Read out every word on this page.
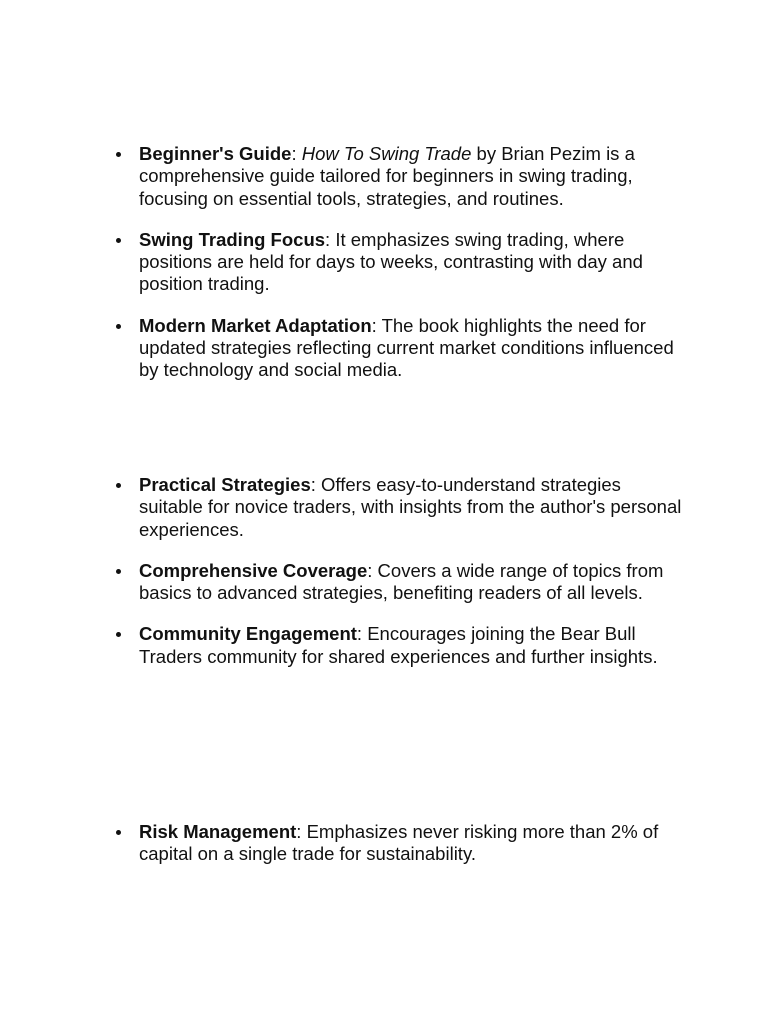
Beginner's Guide: How To Swing Trade by Brian Pezim is a comprehensive guide tailored for beginners in swing trading, focusing on essential tools, strategies, and routines.
Swing Trading Focus: It emphasizes swing trading, where positions are held for days to weeks, contrasting with day and position trading.
Modern Market Adaptation: The book highlights the need for updated strategies reflecting current market conditions influenced by technology and social media.
Practical Strategies: Offers easy-to-understand strategies suitable for novice traders, with insights from the author's personal experiences.
Comprehensive Coverage: Covers a wide range of topics from basics to advanced strategies, benefiting readers of all levels.
Community Engagement: Encourages joining the Bear Bull Traders community for shared experiences and further insights.
Risk Management: Emphasizes never risking more than 2% of capital on a single trade for sustainability.
